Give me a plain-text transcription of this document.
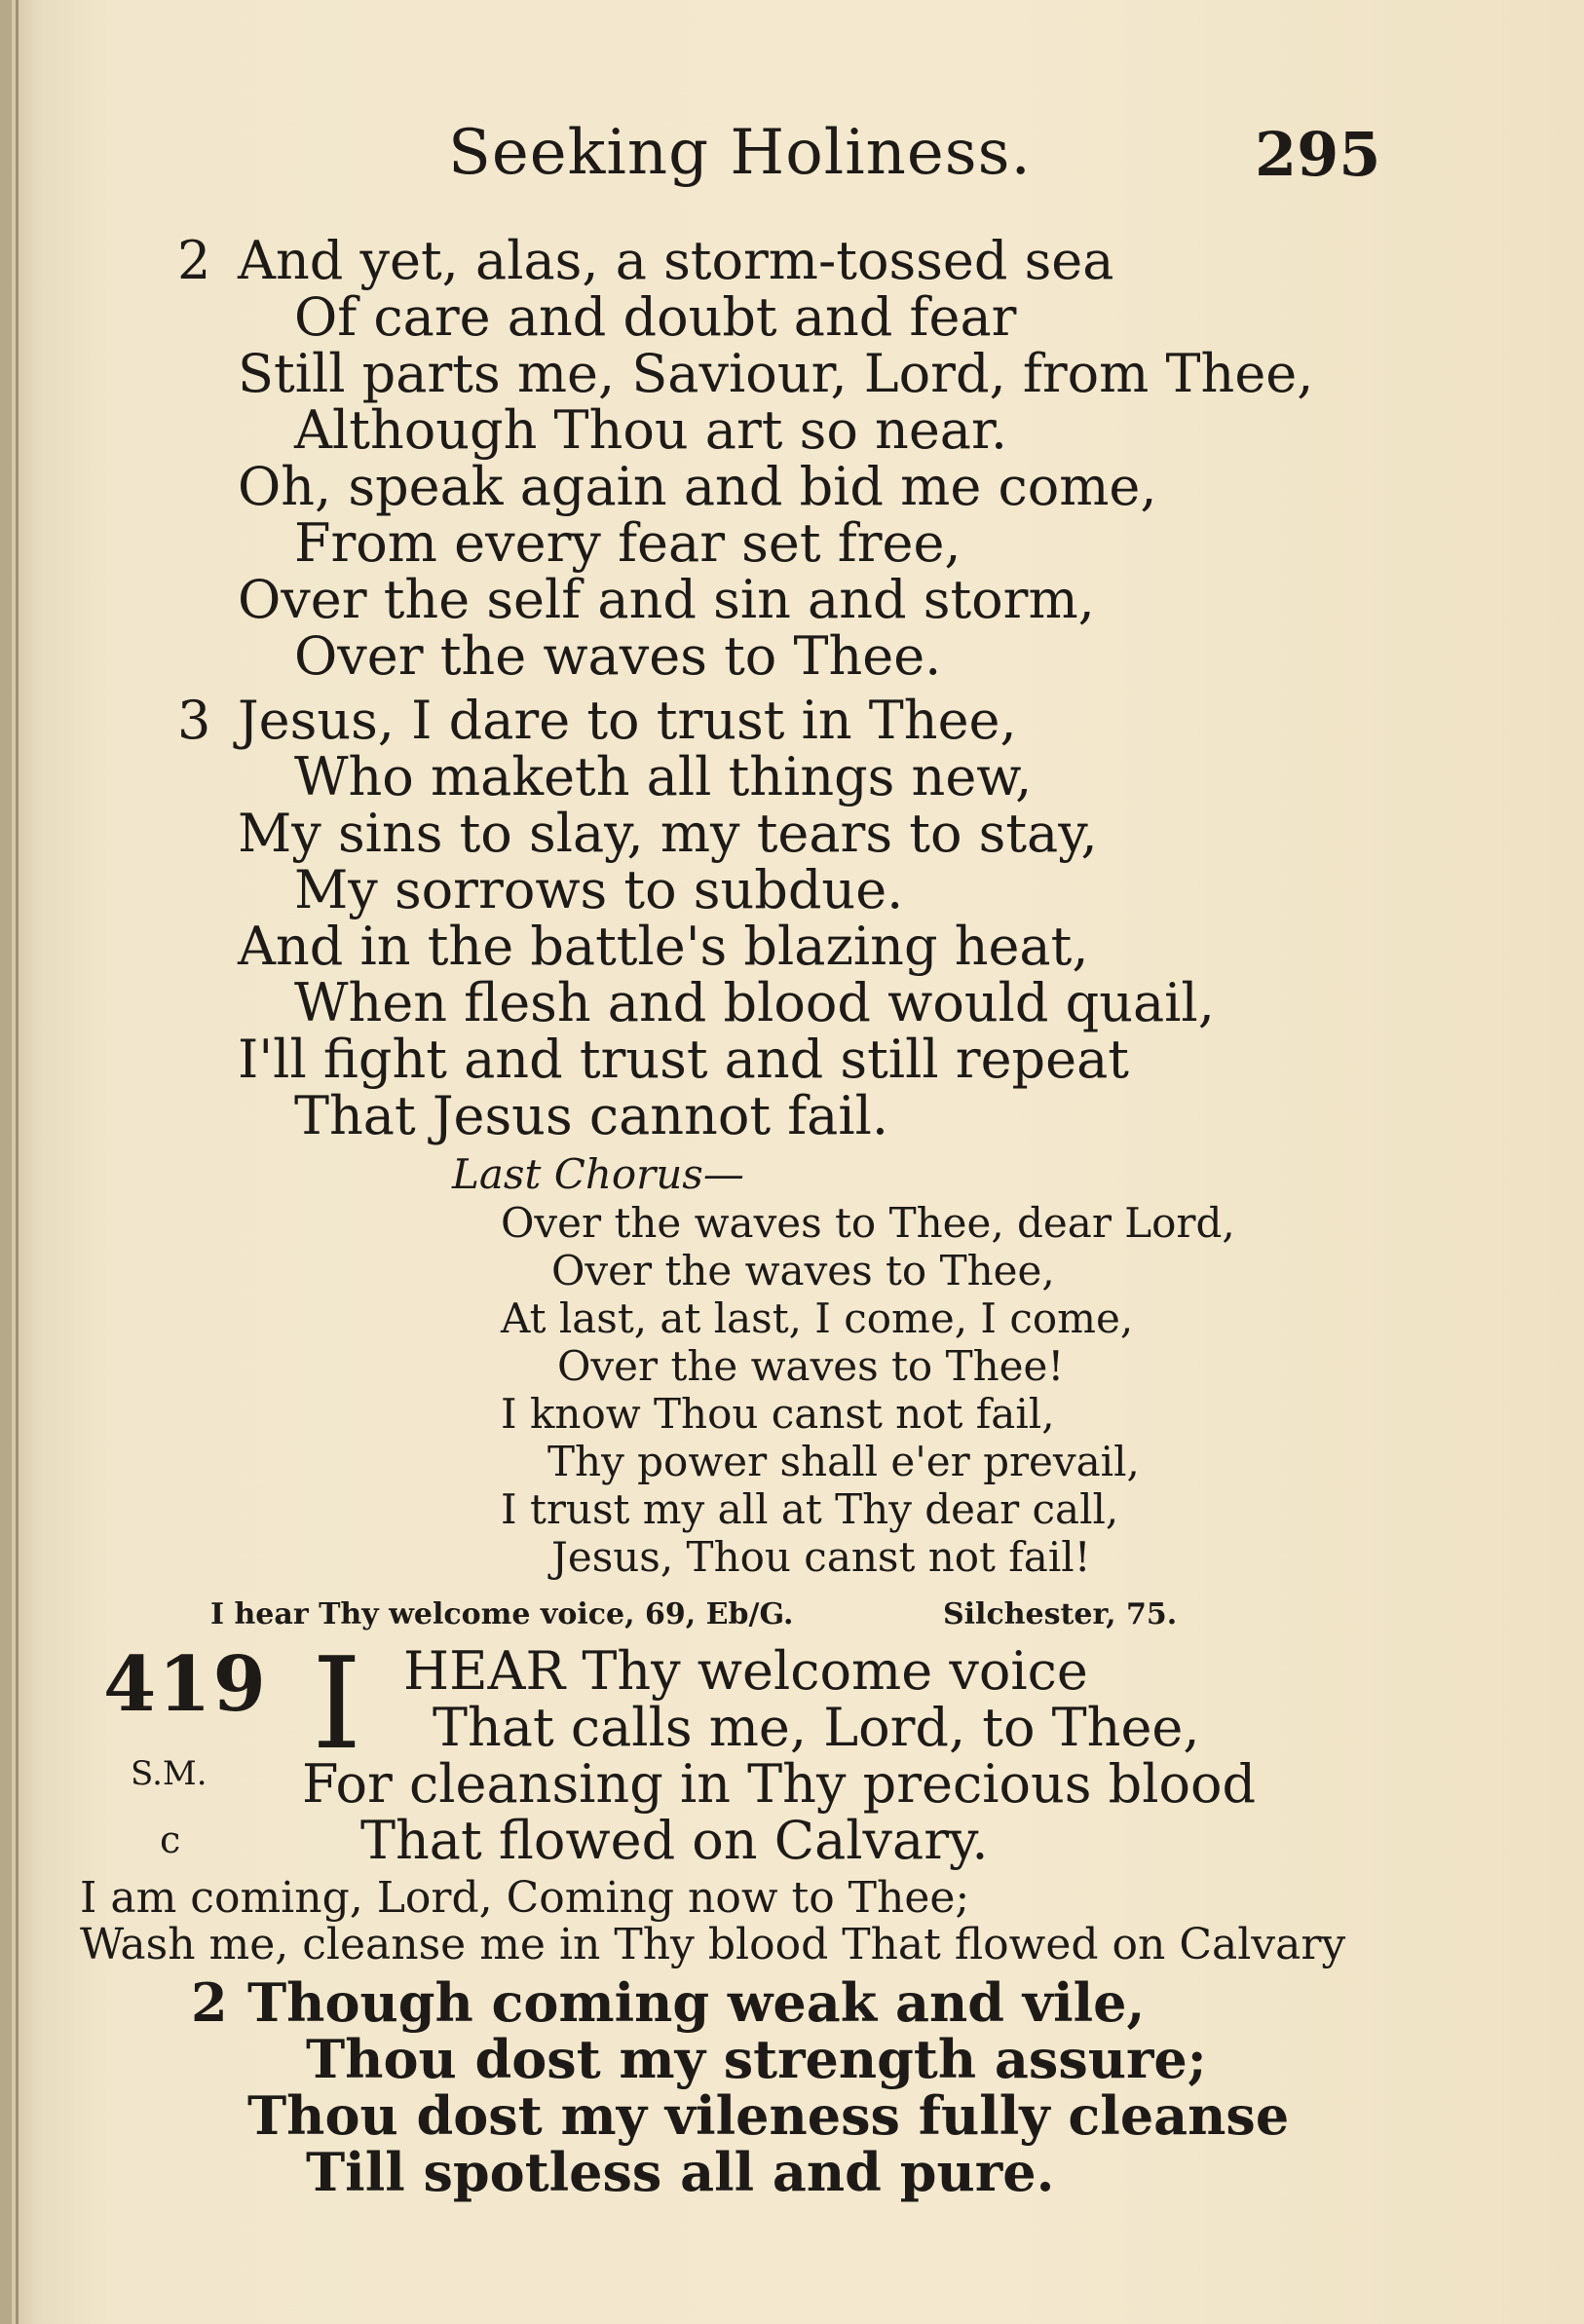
Seeking Holiness.	295
2 And yet, alas, a storm-tossed sea
Of care and doubt and fear
Still parts me, Saviour, Lord, from Thee,
Although Thou art so near.
Oh, speak again and bid me come,
From every fear set free,
Over the self and sin and storm,
Over the waves to Thee.
3 Jesus, I dare to trust in Thee,
Who maketh all things new,
My sins to slay, my tears to stay,
My sorrows to subdue.
And in the battle's blazing heat,
When flesh and blood would quail,
I'll fight and trust and still repeat
That Jesus cannot fail.
Last Chorus—
Over the waves to Thee, dear Lord,
Over the waves to Thee,
At last, at last, I come, I come,
Over the waves to Thee!
I know Thou canst not fail,
Thy power shall e'er prevail,
I trust my all at Thy dear call,
Jesus, Thou canst not fail!
I hear Thy welcome voice, 69, Eb/G.	Silchester, 75.
419 I HEAR Thy welcome voice
That calls me, Lord, to Thee,
S.M. For cleansing in Thy precious blood
c	That flowed on Calvary.
I am coming, Lord, Coming now to Thee;
Wash me, cleanse me in Thy blood That flowed on Calvary
2 Though coming weak and vile,
Thou dost my strength assure;
Thou dost my vileness fully cleanse
Till spotless all and pure.
